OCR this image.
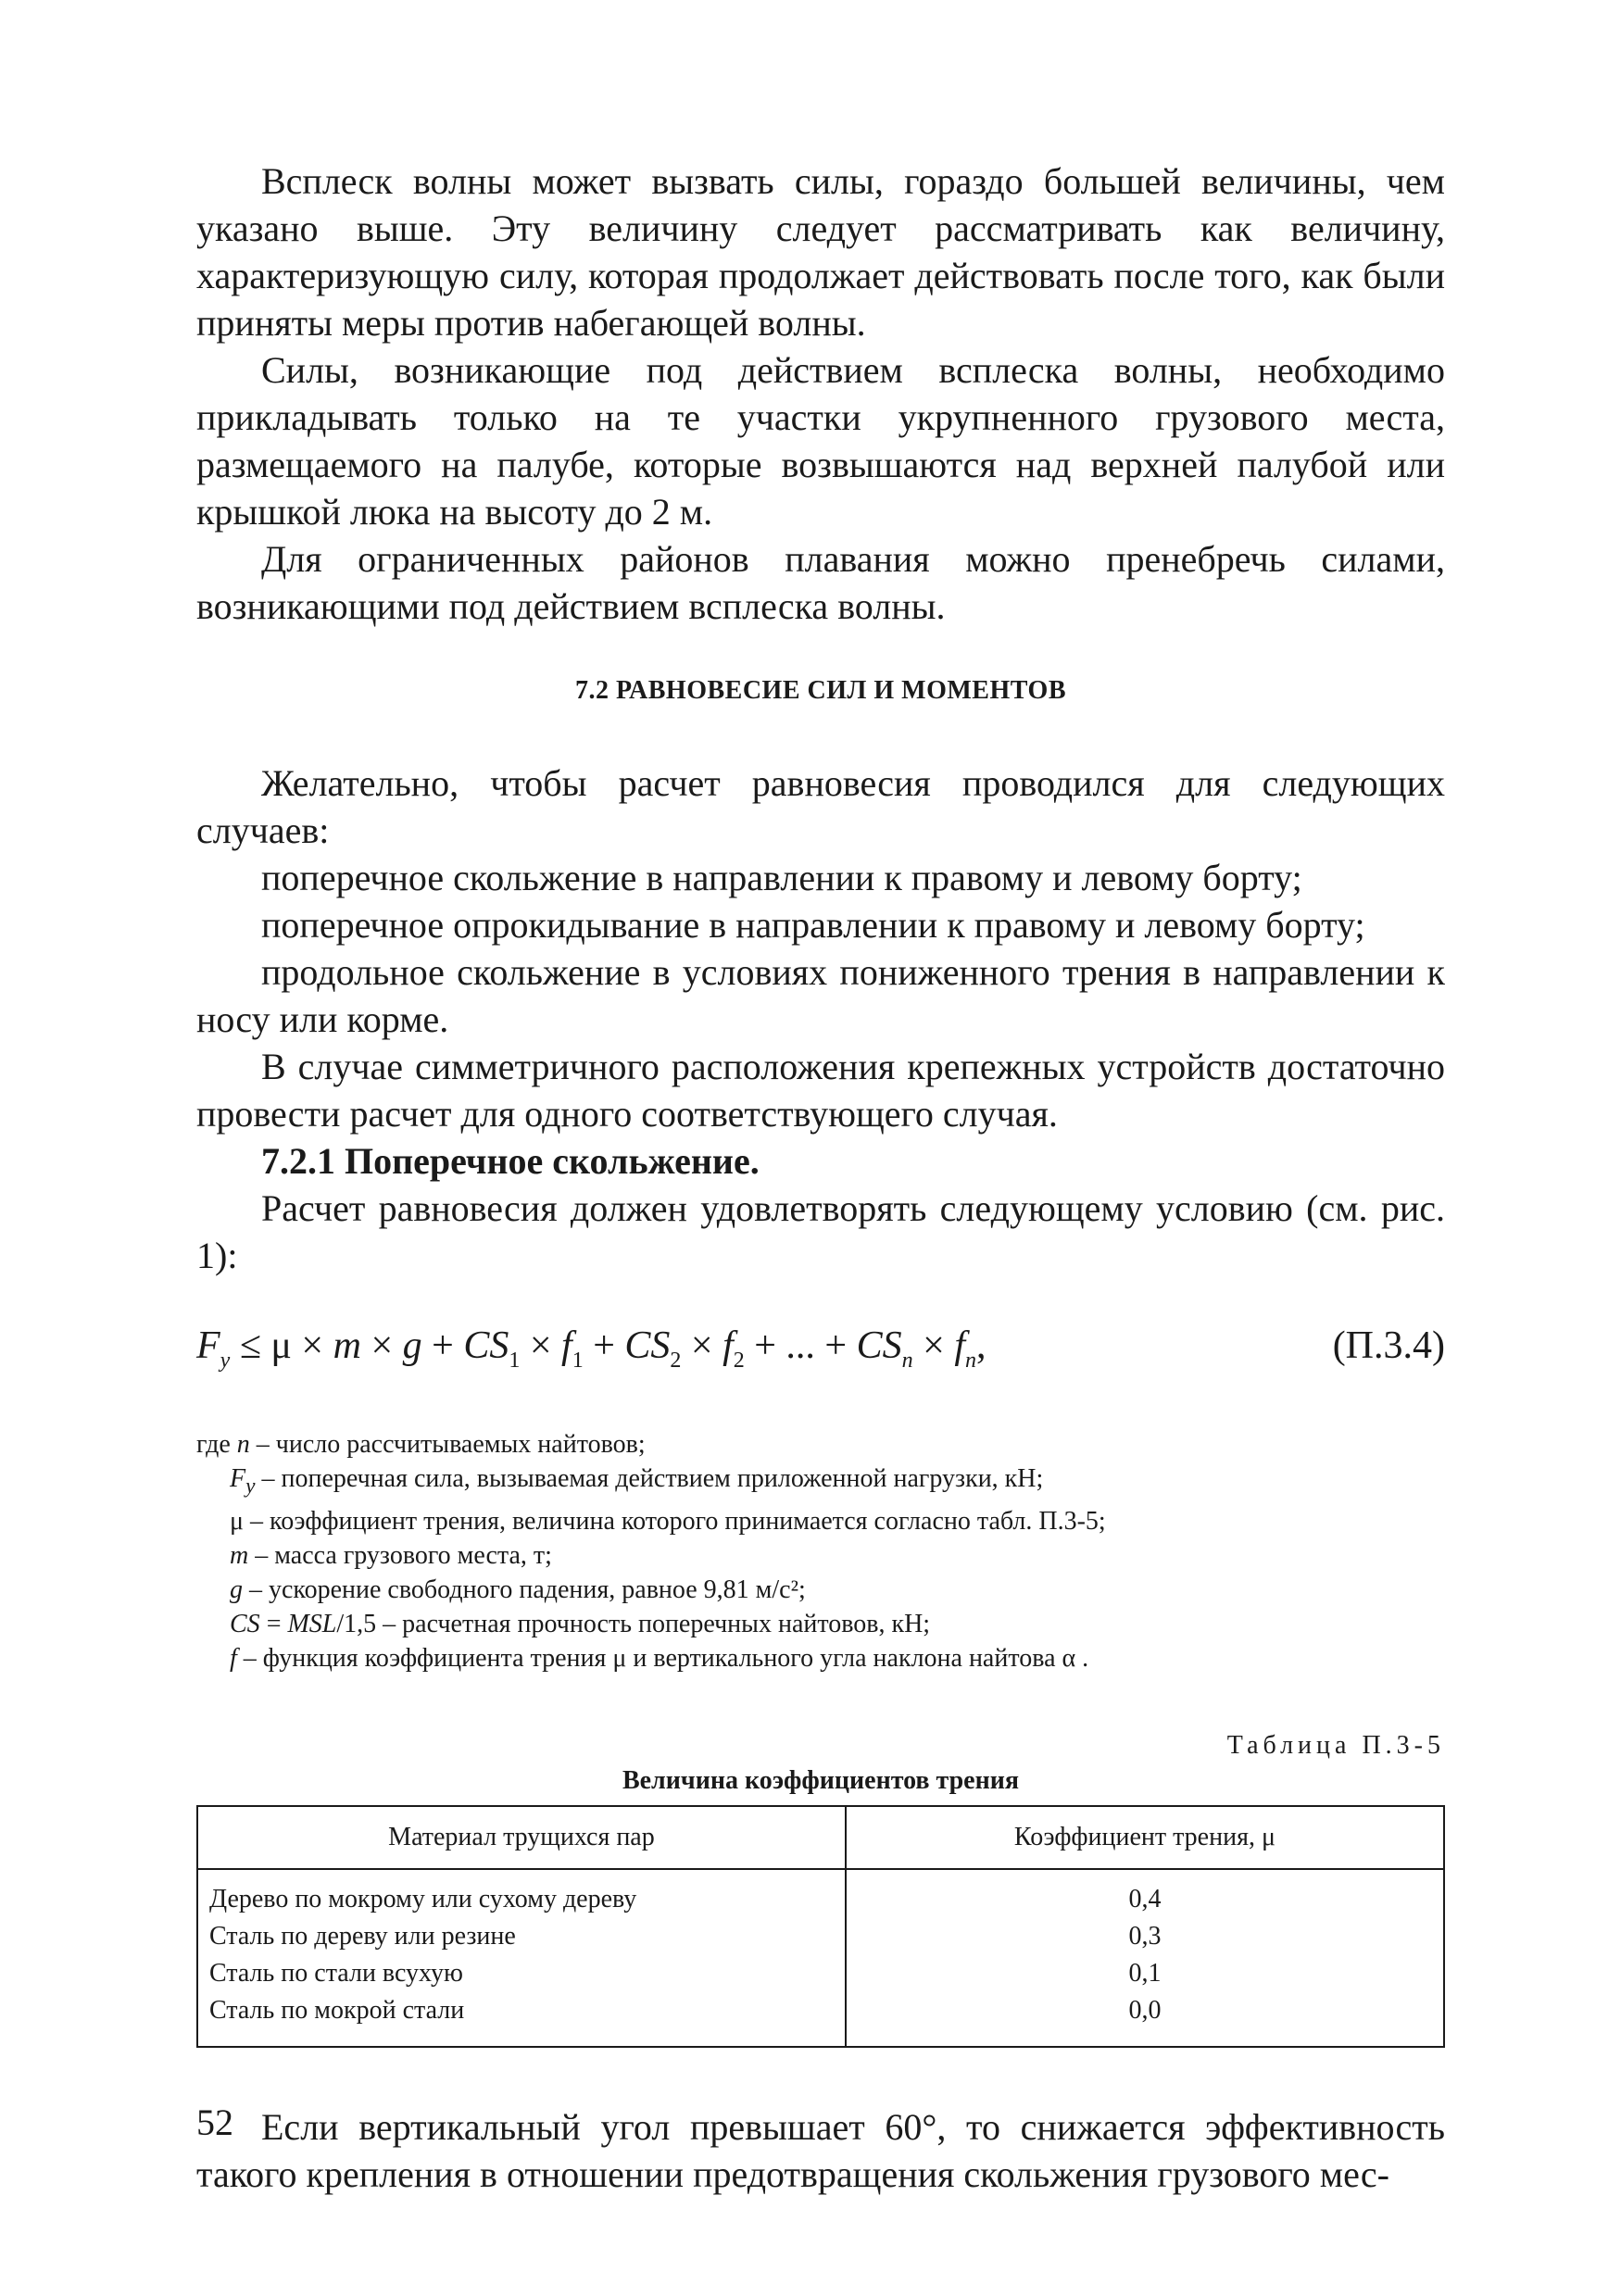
Всплеск волны может вызвать силы, гораздо большей величины, чем указано выше. Эту величину следует рассматривать как величину, характеризующую силу, которая продолжает действовать после того, как были приняты меры против набегающей волны.

Силы, возникающие под действием всплеска волны, необходимо прикладывать только на те участки укрупненного грузового места, размещаемого на палубе, которые возвышаются над верхней палубой или крышкой люка на высоту до 2 м.

Для ограниченных районов плавания можно пренебречь силами, возникающими под действием всплеска волны.

7.2 РАВНОВЕСИЕ СИЛ И МОМЕНТОВ

Желательно, чтобы расчет равновесия проводился для следующих случаев:

поперечное скольжение в направлении к правому и левому борту;

поперечное опрокидывание в направлении к правому и левому борту;

продольное скольжение в условиях пониженного трения в направлении к носу или корме.

В случае симметричного расположения крепежных устройств достаточно провести расчет для одного соответствующего случая.

7.2.1 Поперечное скольжение.

Расчет равновесия должен удовлетворять следующему условию (см. рис. 1):

$F_y \le \mu \times m \times g + CS_1 \times f_1 + CS_2 \times f_2$ + ... + $CS_n \times f_n$,	(П.3.4)
где n – число рассчитываемых найтовов;
$F_y$ – поперечная сила, вызываемая действием приложенной нагрузки, кН;
μ – коэффициент трения, величина которого принимается согласно табл. П.3-5;
m – масса грузового места, т;
g – ускорение свободного падения, равное 9,81 м/с²;
CS = MSL/1,5 – расчетная прочность поперечных найтовов, кН;
f – функция коэффициента трения μ и вертикального угла наклона найтова α .
Таблица П.3-5
Величина коэффициентов трения
Материал трущихся пар	Коэффициент трения, μ
Дерево по мокрому или сухому дереву	0,4
Сталь по дереву или резине	0,3
Сталь по стали всухую	0,1
Сталь по мокрой стали	0,0

Если вертикальный угол превышает 60°, то снижается эффективность такого крепления в отношении предотвращения скольжения грузового мес-

52
